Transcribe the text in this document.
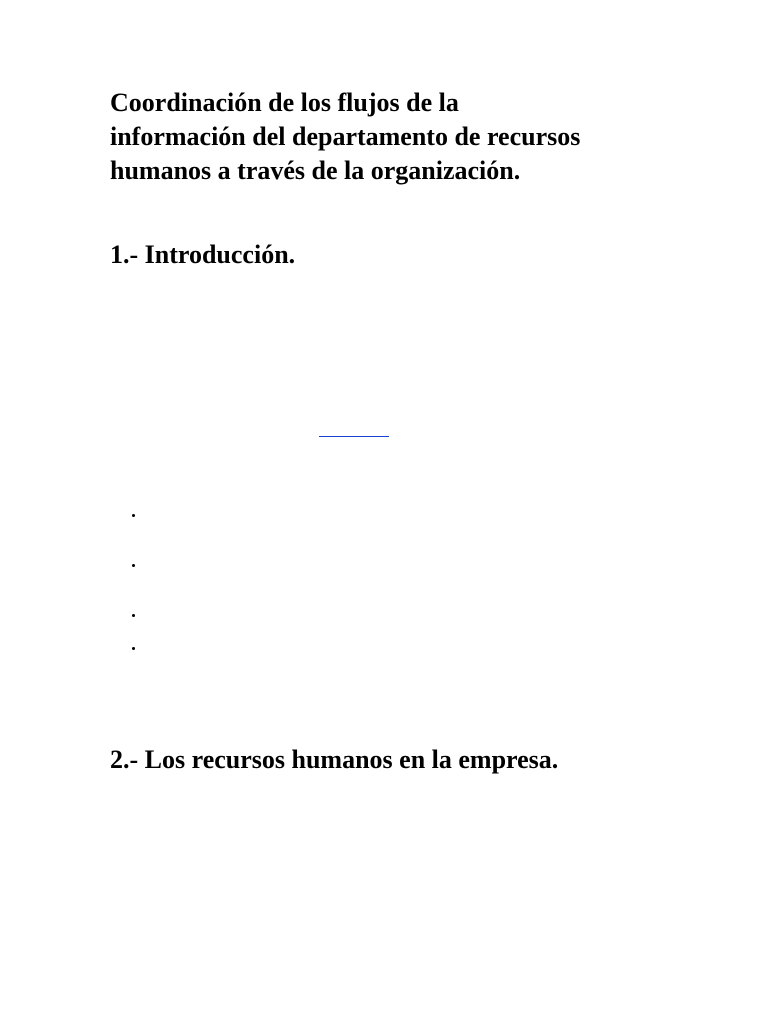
Coordinación de los flujos de la información del departamento de recursos humanos a través de la organización.
1.- Introducción.
2.- Los recursos humanos en la empresa.
